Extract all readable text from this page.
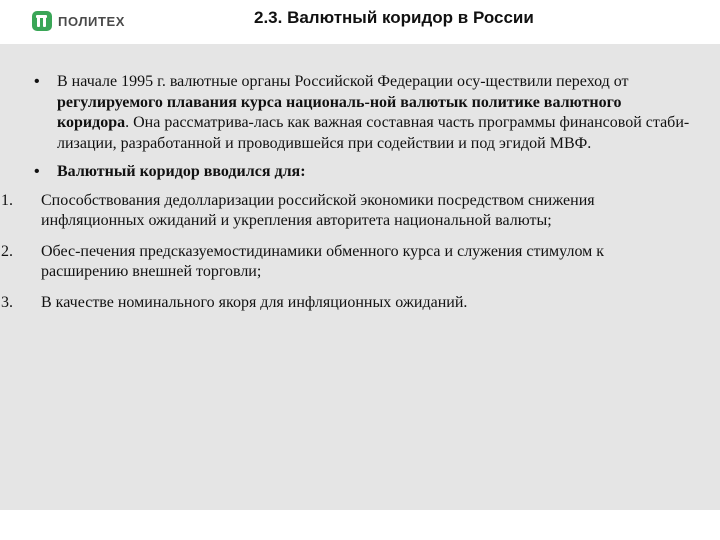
ПОЛИТЕХ	2.3. Валютный коридор в России
• В начале 1995 г. валютные органы Российской Федерации осу-ществили переход от регулируемого плавания курса националь-ной валютык политике валютного коридора. Она рассматрива-лась как важная составная часть программы финансовой стаби-лизации, разработанной и проводившейся при содействии и под эгидой МВФ.
• Валютный коридор вводился для:
1. Способствования дедолларизации российской экономики посредством снижения инфляционных ожиданий и укрепления авторитета национальной валюты;
2. Обес-печения предсказуемостидинамики обменного курса и служения стимулом к расширению внешней торговли;
3. В качестве номинального якоря для инфляционных ожиданий.
